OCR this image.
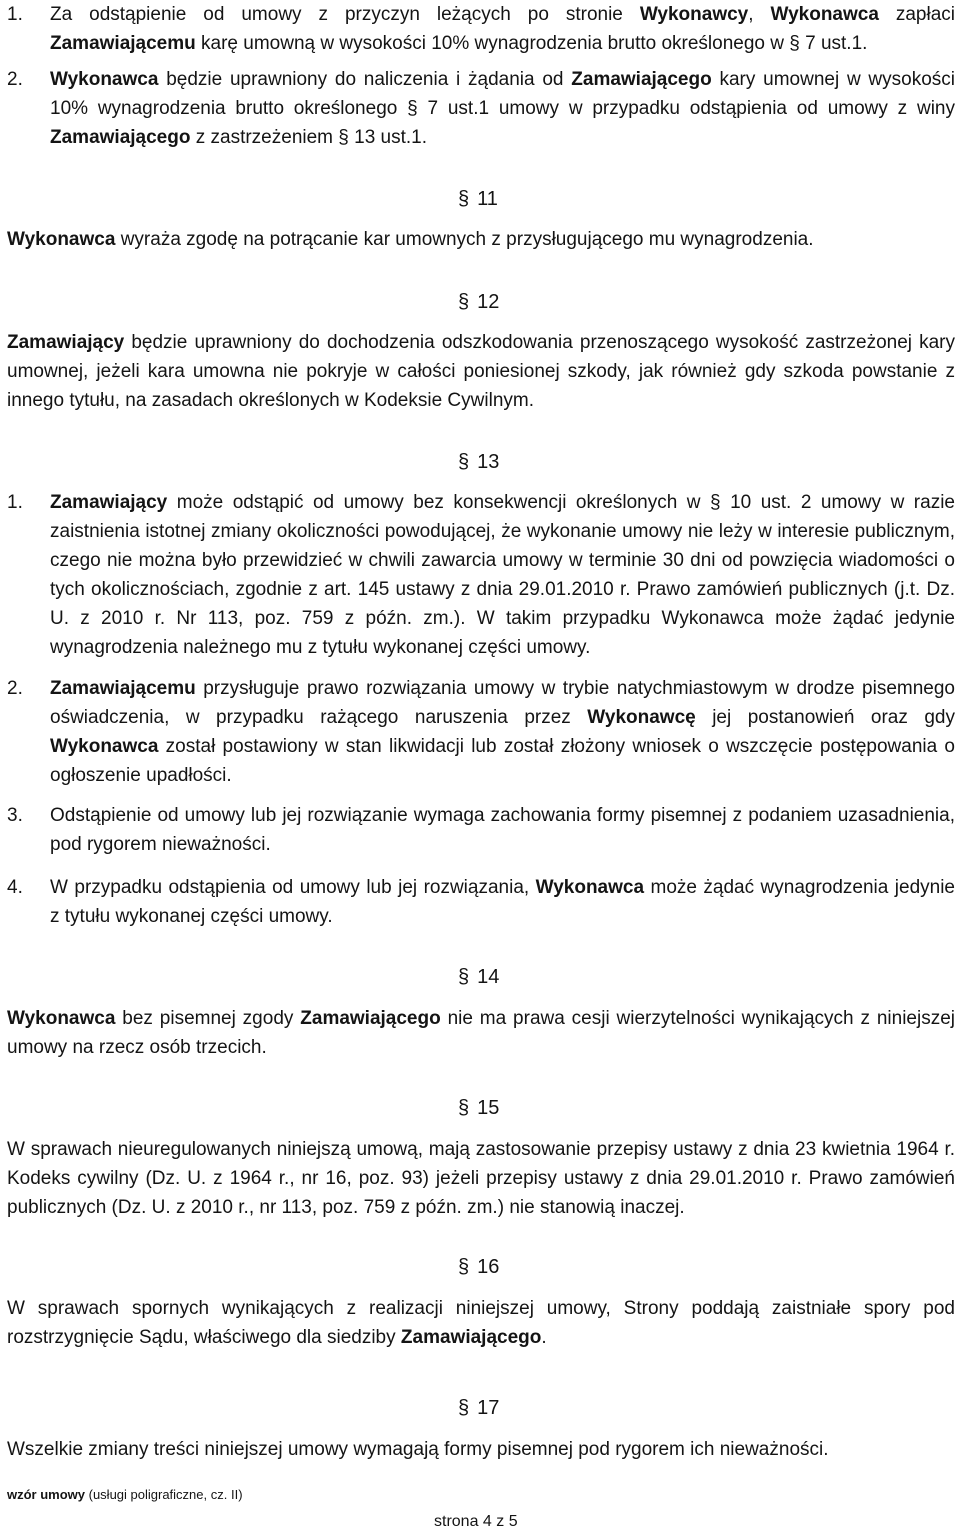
1.	Za odstąpienie od umowy z przyczyn leżących po stronie Wykonawcy, Wykonawca zapłaci Zamawiającemu karę umowną w wysokości 10% wynagrodzenia brutto określonego w § 7 ust.1.
2.	Wykonawca będzie uprawniony do naliczenia i żądania od Zamawiającego kary umownej w wysokości 10% wynagrodzenia brutto określonego § 7 ust.1 umowy w przypadku odstąpienia od umowy z winy Zamawiającego z zastrzeżeniem § 13 ust.1.
§ 11
Wykonawca wyraża zgodę na potrącanie kar umownych z przysługującego mu wynagrodzenia.
§ 12
Zamawiający będzie uprawniony do dochodzenia odszkodowania przenoszącego wysokość zastrzeżonej kary umownej, jeżeli kara umowna nie pokryje w całości poniesionej szkody, jak również gdy szkoda powstanie z innego tytułu, na zasadach określonych w Kodeksie Cywilnym.
§ 13
1.	Zamawiający może odstąpić od umowy bez konsekwencji określonych w § 10 ust. 2 umowy w razie zaistnienia istotnej zmiany okoliczności powodującej, że wykonanie umowy nie leży w interesie publicznym, czego nie można było przewidzieć w chwili zawarcia umowy w terminie 30 dni od powzięcia wiadomości o tych okolicznościach, zgodnie z art. 145 ustawy z dnia 29.01.2010 r. Prawo zamówień publicznych (j.t. Dz. U. z 2010 r. Nr 113, poz. 759 z późn. zm.). W takim przypadku Wykonawca może żądać jedynie wynagrodzenia należnego mu z tytułu wykonanej części umowy.
2.	Zamawiającemu przysługuje prawo rozwiązania umowy w trybie natychmiastowym w drodze pisemnego oświadczenia, w przypadku rażącego naruszenia przez Wykonawcę jej postanowień oraz gdy Wykonawca został postawiony w stan likwidacji lub został złożony wniosek o wszczęcie postępowania o ogłoszenie upadłości.
3.	Odstąpienie od umowy lub jej rozwiązanie wymaga zachowania formy pisemnej z podaniem uzasadnienia, pod rygorem nieważności.
4.	W przypadku odstąpienia od umowy lub jej rozwiązania, Wykonawca może żądać wynagrodzenia jedynie z tytułu wykonanej części umowy.
§ 14
Wykonawca bez pisemnej zgody Zamawiającego nie ma prawa cesji wierzytelności wynikających z niniejszej umowy na rzecz osób trzecich.
§ 15
W sprawach nieuregulowanych niniejszą umową, mają zastosowanie przepisy ustawy z dnia 23 kwietnia 1964 r. Kodeks cywilny (Dz. U. z 1964 r., nr 16, poz. 93) jeżeli przepisy ustawy z dnia 29.01.2010 r. Prawo zamówień publicznych (Dz. U. z 2010 r., nr 113, poz. 759 z późn. zm.) nie stanowią inaczej.
§ 16
W sprawach spornych wynikających z realizacji niniejszej umowy, Strony poddają zaistniałe spory pod rozstrzygnięcie Sądu, właściwego dla siedziby Zamawiającego.
§ 17
Wszelkie zmiany treści niniejszej umowy wymagają formy pisemnej pod rygorem ich nieważności.
wzór umowy (usługi poligraficzne, cz. II)
strona 4 z 5
